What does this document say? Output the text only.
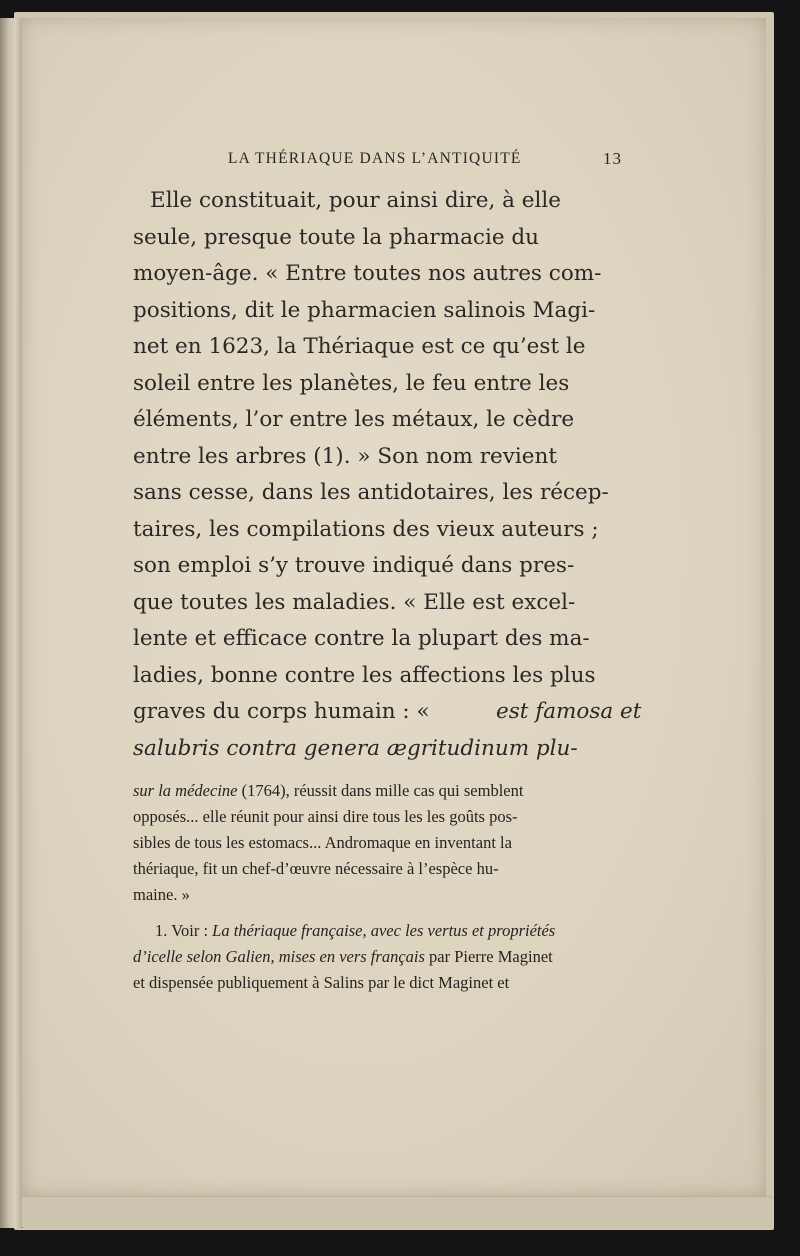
LA THÉRIAQUE DANS L’ANTIQUITÉ	13
Elle constituait, pour ainsi dire, à elle
seule, presque toute la pharmacie du
moyen-âge. « Entre toutes nos autres com-
positions, dit le pharmacien salinois Magi-
net en 1623, la Thériaque est ce qu’est le
soleil entre les planètes, le feu entre les
éléments, l’or entre les métaux, le cèdre
entre les arbres (1). » Son nom revient
sans cesse, dans les antidotaires, les récep-
taires, les compilations des vieux auteurs ;
son emploi s’y trouve indiqué dans pres-
que toutes les maladies. « Elle est excel-
lente et efficace contre la plupart des ma-
ladies, bonne contre les affections les plus
graves du corps humain : «	est famosa et
salubris contra genera ægritudinum plu-
sur la médecine (1764), réussit dans mille cas qui semblent
opposés... elle réunit pour ainsi dire tous les les goûts pos-
sibles de tous les estomacs... Andromaque en inventant la
thériaque, fit un chef-d’œuvre nécessaire à l’espèce hu-
maine. »
1. Voir : La thériaque française, avec les vertus et propriétés
d’icelle selon Galien, mises en vers français par Pierre Maginet
et dispensée publiquement à Salins par le dict Maginet et
